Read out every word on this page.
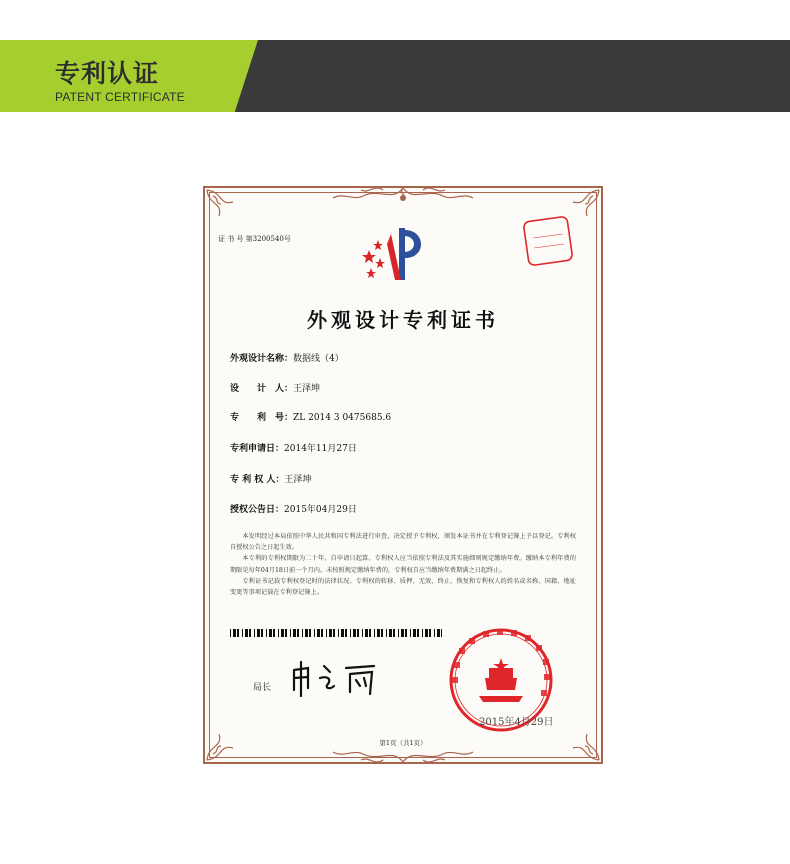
专利认证
PATENT CERTIFICATE
证 书 号 第3200540号
外观设计专利证书
外观设计名称：数据线（4）
设　　计　人：王泽坤
专　　利　号：ZL 2014 3 0475685.6
专利申请日：2014年11月27日
专 利 权 人：王泽坤
授权公告日：2015年04月29日

本发明经过本局依照中华人民共和国专利法进行审查，决定授予专利权，颁发本证书并在专利登记簿上予以登记。专利权自授权公告之日起生效。

本专利的专利权期限为二十年，自申请日起算。专利权人应当依照专利法及其实施细则规定缴纳年费。缴纳本专利年费的期限是每年04月18日前一个月内。未按照规定缴纳年费的，专利权自应当缴纳年费期满之日起终止。

专利证书记载专利权登记时的法律状况。专利权的转移、质押、无效、终止、恢复和专利权人的姓名或名称、国籍、地址变更等事项记载在专利登记簿上。

局长
2015年4月29日
第1页（共1页）
